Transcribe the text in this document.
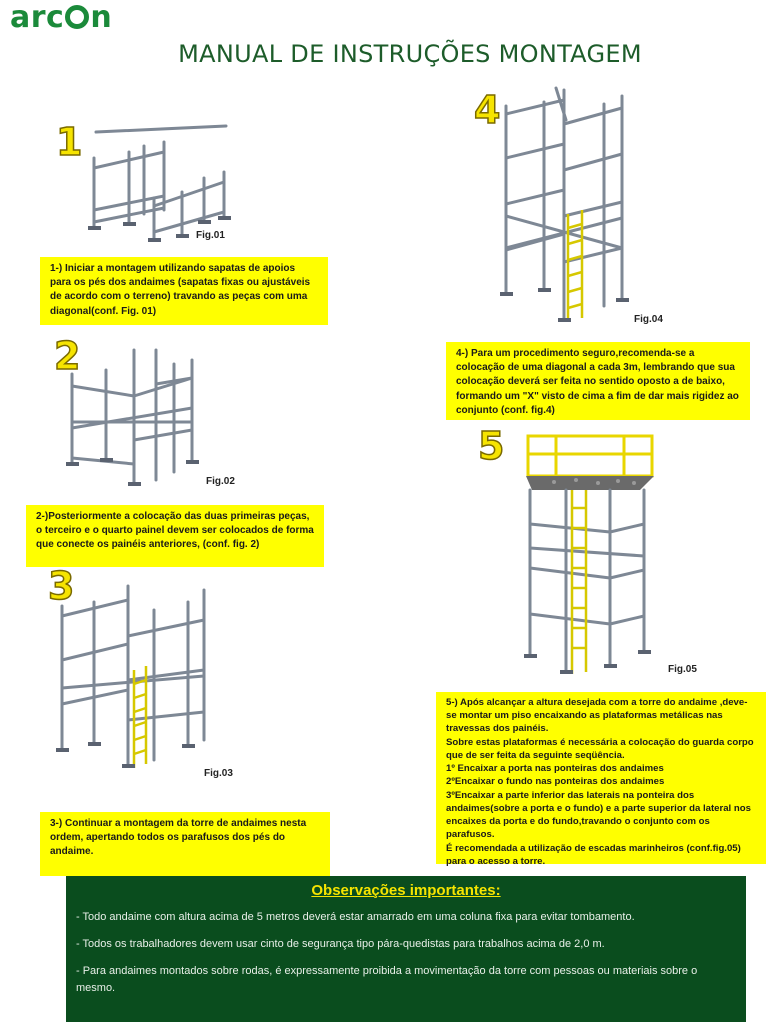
arc n
MANUAL DE INSTRUÇÕES MONTAGEM
1
Fig.01
1-) Iniciar a montagem utilizando sapatas de apoios para os pés dos andaimes (sapatas fixas ou ajustáveis de acordo com o terreno) travando as peças com uma diagonal(conf. Fig. 01)
2
Fig.02
2-)Posteriormente a colocação das duas primeiras peças, o terceiro e o quarto painel devem ser colocados de forma que conecte os painéis anteriores, (conf. fig. 2)
3
Fig.03
3-) Continuar a montagem da torre de andaimes nesta ordem, apertando todos os parafusos dos pés do andaime.
4
Fig.04
4-) Para um procedimento seguro,recomenda-se a colocação de uma diagonal a cada 3m, lembrando que sua colocação deverá ser feita no sentido oposto a de baixo, formando um "X" visto de cima a fim de dar mais rigidez ao conjunto (conf. fig.4)
5
Fig.05

5-) Após alcançar a altura desejada com a torre do andaime ,deve-se montar um piso encaixando as plataformas metálicas nas travessas dos painéis.

Sobre estas plataformas é necessária a colocação do guarda corpo que de ser feita da seguinte seqüência.

1º Encaixar a porta nas ponteiras dos andaimes

2ºEncaixar o fundo nas ponteiras dos andaimes

3ºEncaixar a parte inferior das laterais na ponteira dos andaimes(sobre a porta e o fundo) e a parte superior da lateral nos encaixes da porta e do fundo,travando o conjunto com os parafusos.

É recomendada a utilização de escadas marinheiros (conf.fig.05) para o acesso a torre.

Observações importantes:
- Todo andaime com altura acima de 5 metros deverá estar amarrado em uma coluna fixa para evitar tombamento.
- Todos os trabalhadores devem usar cinto de segurança tipo pára-quedistas para trabalhos acima de 2,0 m.
- Para andaimes montados sobre rodas, é expressamente proibida a movimentação da torre com pessoas ou materiais sobre o mesmo.
